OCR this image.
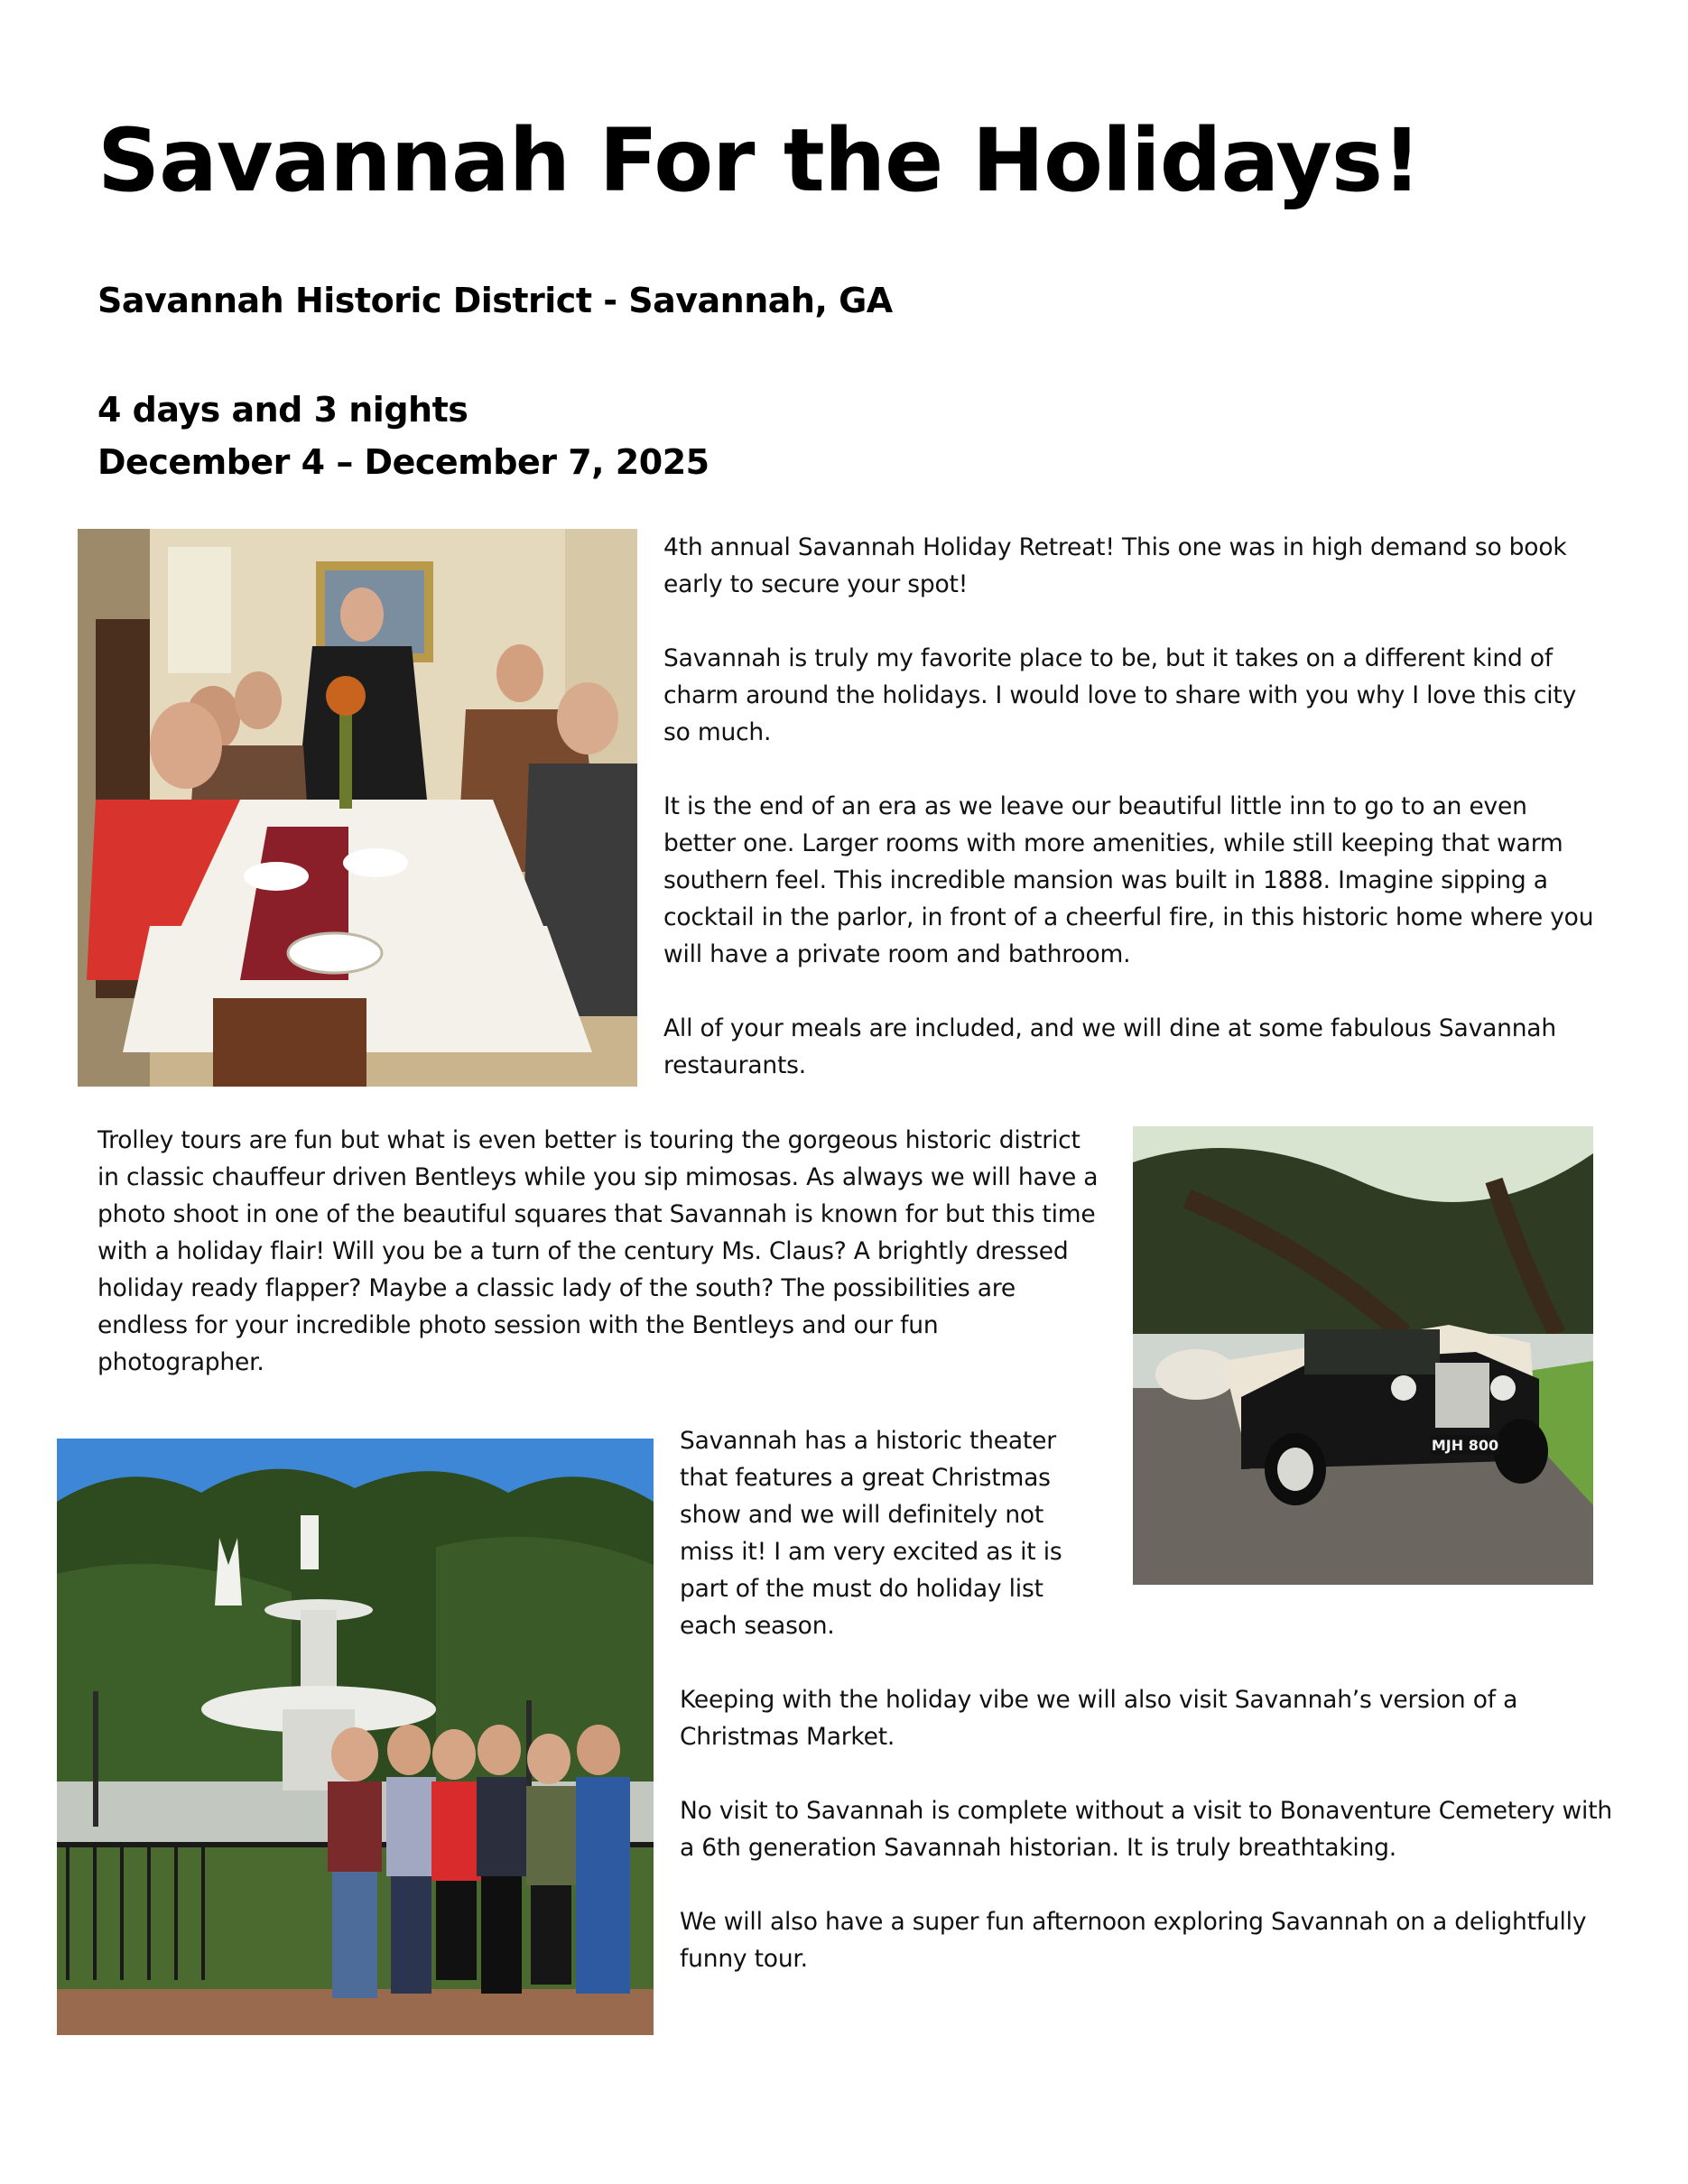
Savannah For the Holidays!
Savannah Historic District - Savannah, GA
4 days and 3 nights
December 4 – December 7, 2025

4th annual Savannah Holiday Retreat! This one was in high demand so book early to secure your spot!

Savannah is truly my favorite place to be, but it takes on a different kind of charm around the holidays. I would love to share with you why I love this city so much.

It is the end of an era as we leave our beautiful little inn to go to an even better one. Larger rooms with more amenities, while still keeping that warm southern feel. This incredible mansion was built in 1888. Imagine sipping a cocktail in the parlor, in front of a cheerful fire, in this historic home where you will have a private room and bathroom.

All of your meals are included, and we will dine at some fabulous Savannah restaurants.

Trolley tours are fun but what is even better is touring the gorgeous historic district in classic chauffeur driven Bentleys while you sip mimosas. As always we will have a photo shoot in one of the beautiful squares that Savannah is known for but this time with a holiday flair! Will you be a turn of the century Ms. Claus? A brightly dressed holiday ready flapper? Maybe a classic lady of the south? The possibilities are endless for your incredible photo session with the Bentleys and our fun photographer.

MJH 800

Savannah has a historic theater that features a great Christmas show and we will definitely not miss it! I am very excited as it is part of the must do holiday list each season.

Keeping with the holiday vibe we will also visit Savannah’s version of a Christmas Market.

No visit to Savannah is complete without a visit to Bonaventure Cemetery with a 6th generation Savannah historian. It is truly breathtaking.

We will also have a super fun afternoon exploring Savannah on a delightfully funny tour.
